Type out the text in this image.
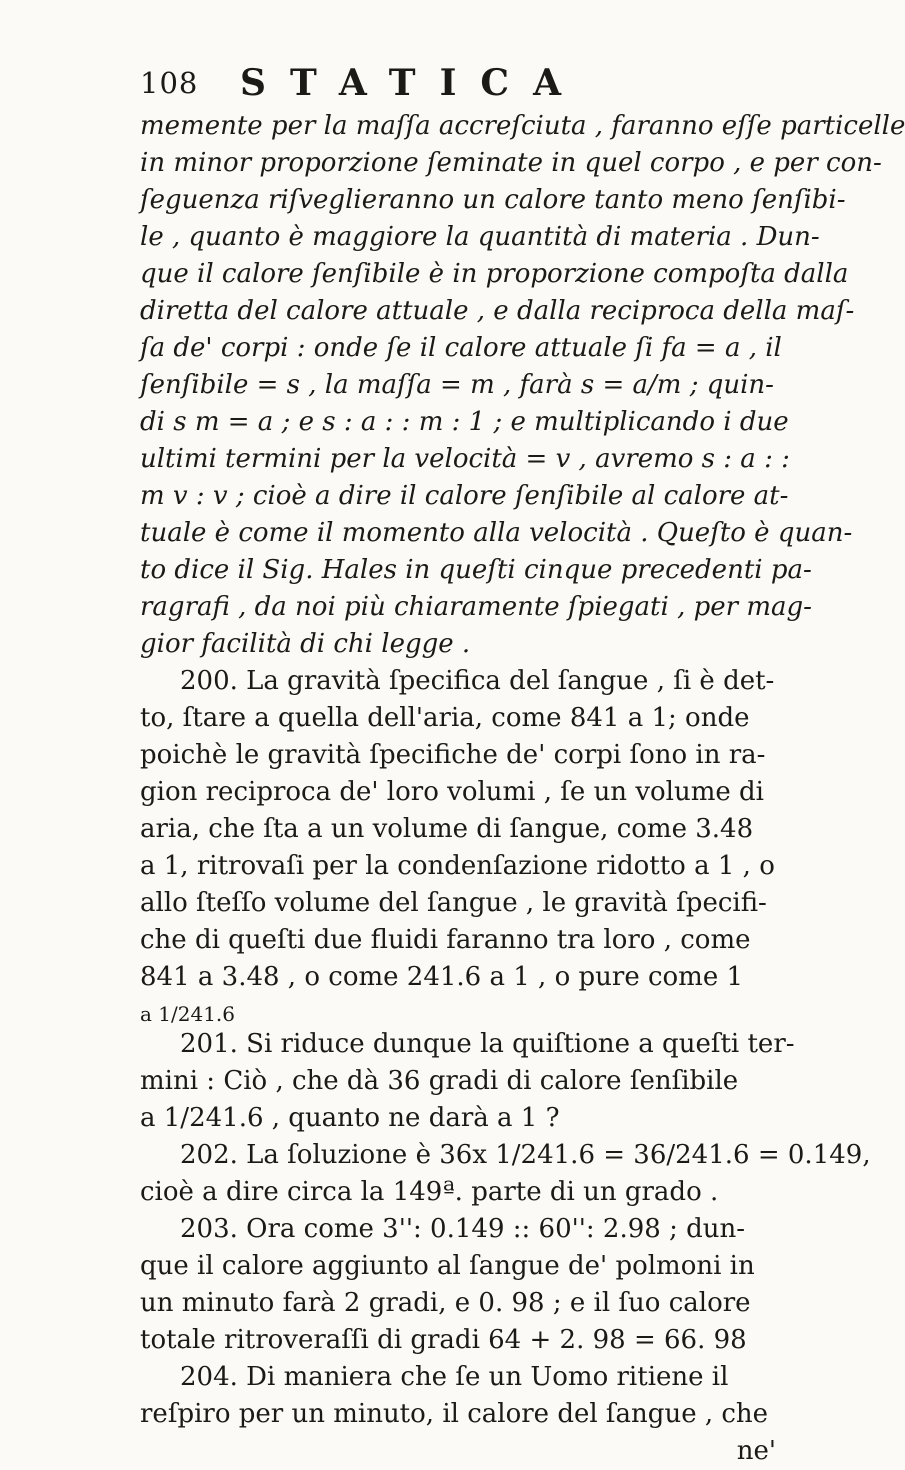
108 STATICA
memente per la maſſa accreſciuta , faranno eſſe particelle
in minor proporzione ſeminate in quel corpo , e per con-
ſeguenza riſveglieranno un calore tanto meno ſenſibi-
le , quanto è maggiore la quantità di materia . Dun-
que il calore ſenſibile è in proporzione compoſta dalla
diretta del calore attuale , e dalla reciproca della maſ-
ſa de' corpi : onde ſe il calore attuale ſi fa = a , il
ſenſibile = s , la maſſa = m , farà s = a/m ; quin-
di s m = a ; e s : a : : m : 1 ; e multiplicando i due
ultimi termini per la velocità = v , avremo s : a : :
m v : v ; cioè a dire il calore ſenſibile al calore at-
tuale è come il momento alla velocità . Queſto è quan-
to dice il Sig. Hales in queſti cinque precedenti pa-
ragrafi , da noi più chiaramente ſpiegati , per mag-
gior facilità di chi legge .
200. La gravità ſpecifica del ſangue , ſi è det-
to, ſtare a quella dell'aria, come 841 a 1; onde
poichè le gravità ſpecifiche de' corpi ſono in ra-
gion reciproca de' loro volumi , ſe un volume di
aria, che ſta a un volume di ſangue, come 3.48
a 1, ritrovaſi per la condenſazione ridotto a 1 , o
allo ſteſſo volume del ſangue , le gravità ſpecifi-
che di queſti due fluidi faranno tra loro , come
841 a 3.48 , o come 241.6 a 1 , o pure come 1
a 1/241.6
201. Si riduce dunque la quiſtione a queſti ter-
mini : Ciò , che dà 36 gradi di calore ſenſibile
a 1/241.6 , quanto ne darà a 1 ?
202. La ſoluzione è 36x 1/241.6 = 36/241.6 = 0.149,
cioè a dire circa la 149ª. parte di un grado .
203. Ora come 3'': 0.149 :: 60'': 2.98 ; dun-
que il calore aggiunto al ſangue de' polmoni in
un minuto farà 2 gradi, e 0. 98 ; e il ſuo calore
totale ritroveraſſi di gradi 64 + 2. 98 = 66. 98
204. Di maniera che ſe un Uomo ritiene il
reſpiro per un minuto, il calore del ſangue , che
ne'
